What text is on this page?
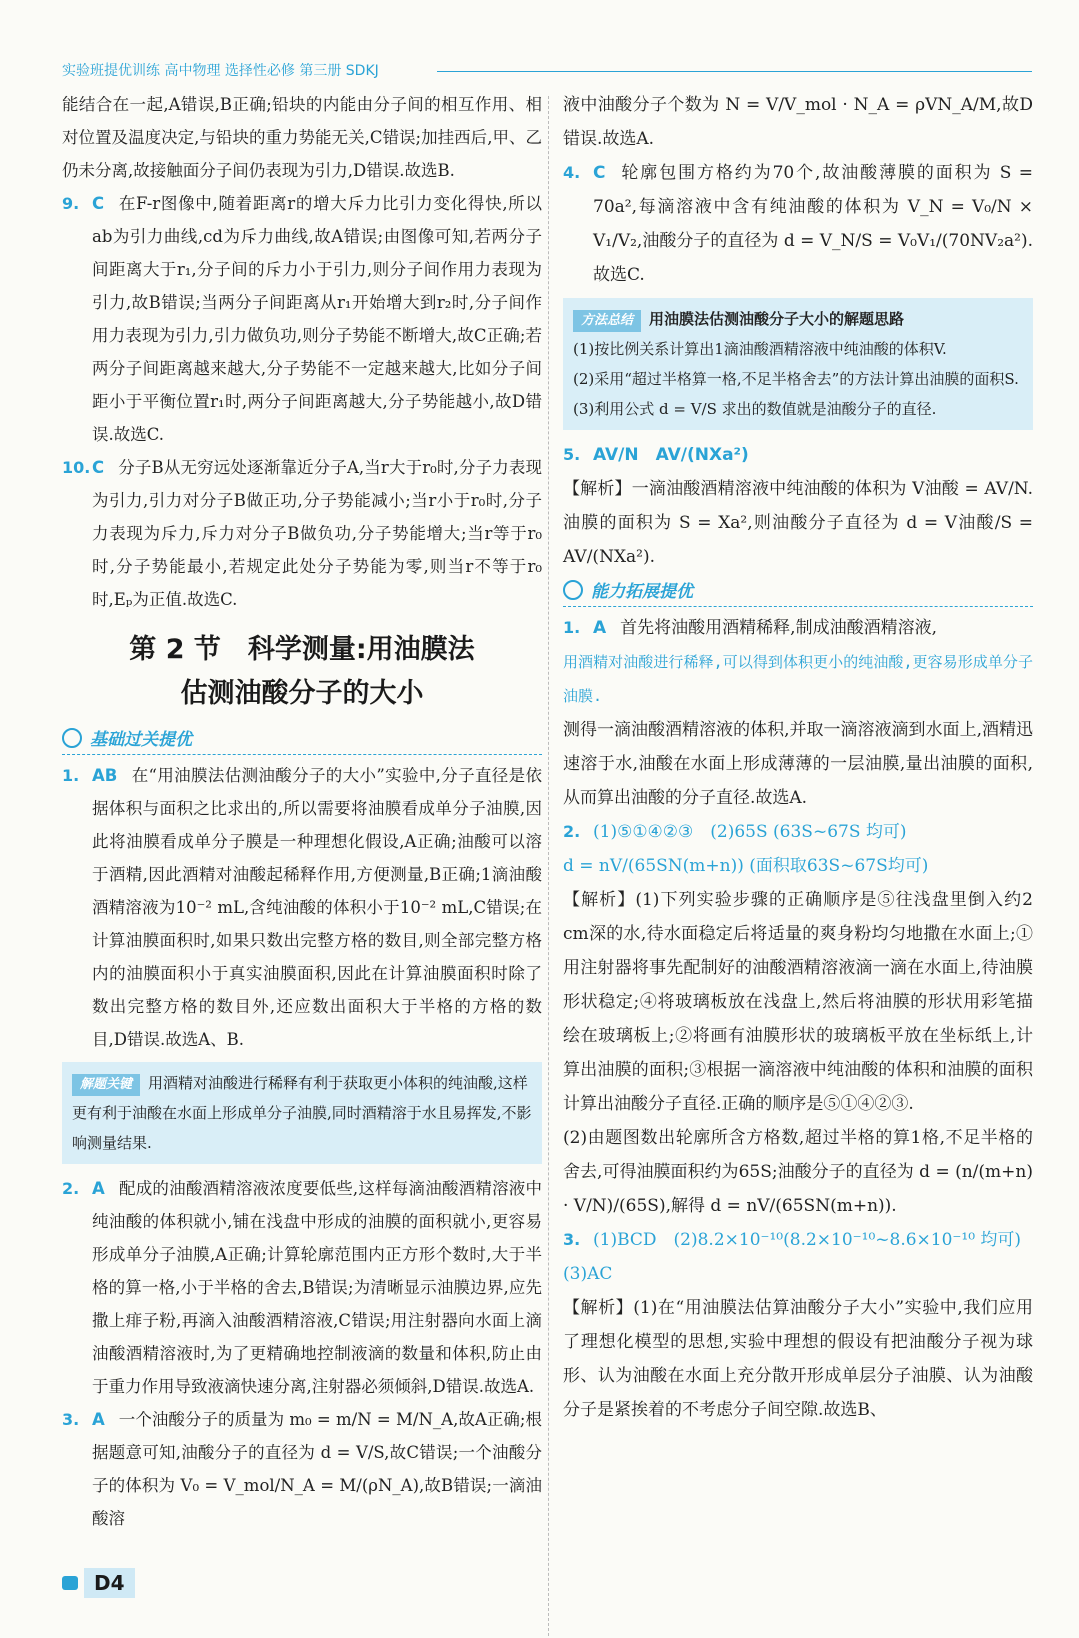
实验班提优训练 高中物理 选择性必修 第三册 SDKJ

能结合在一起,A错误,B正确;铅块的内能由分子间的相互作用、相对位置及温度决定,与铅块的重力势能无关,C错误;加挂西后,甲、乙仍未分离,故接触面分子间仍表现为引力,D错误.故选B.

9. C 在F-r图像中,随着距离r的增大斥力比引力变化得快,所以ab为引力曲线,cd为斥力曲线,故A错误;由图像可知,若两分子间距离大于r₁,分子间的斥力小于引力,则分子间作用力表现为引力,故B错误;当两分子间距离从r₁开始增大到r₂时,分子间作用力表现为引力,引力做负功,则分子势能不断增大,故C正确;若两分子间距离越来越大,分子势能不一定越来越大,比如分子间距小于平衡位置r₁时,两分子间距离越大,分子势能越小,故D错误.故选C.

10. C 分子B从无穷远处逐渐靠近分子A,当r大于r₀时,分子力表现为引力,引力对分子B做正功,分子势能减小;当r小于r₀时,分子力表现为斥力,斥力对分子B做负功,分子势能增大;当r等于r₀时,分子势能最小,若规定此处分子势能为零,则当r不等于r₀时,Eₚ为正值.故选C.

第 2 节　科学测量:用油膜法
估测油酸分子的大小
基础过关提优

1. AB 在“用油膜法估测油酸分子的大小”实验中,分子直径是依据体积与面积之比求出的,所以需要将油膜看成单分子油膜,因此将油膜看成单分子膜是一种理想化假设,A正确;油酸可以溶于酒精,因此酒精对油酸起稀释作用,方便测量,B正确;1滴油酸酒精溶液为10⁻² mL,含纯油酸的体积小于10⁻² mL,C错误;在计算油膜面积时,如果只数出完整方格的数目,则全部完整方格内的油膜面积小于真实油膜面积,因此在计算油膜面积时除了数出完整方格的数目外,还应数出面积大于半格的方格的数目,D错误.故选A、B.

解题关键 用酒精对油酸进行稀释有利于获取更小体积的纯油酸,这样更有利于油酸在水面上形成单分子油膜,同时酒精溶于水且易挥发,不影响测量结果.

2. A 配成的油酸酒精溶液浓度要低些,这样每滴油酸酒精溶液中纯油酸的体积就小,铺在浅盘中形成的油膜的面积就小,更容易形成单分子油膜,A正确;计算轮廓范围内正方形个数时,大于半格的算一格,小于半格的舍去,B错误;为清晰显示油膜边界,应先撒上痱子粉,再滴入油酸酒精溶液,C错误;用注射器向水面上滴油酸酒精溶液时,为了更精确地控制液滴的数量和体积,防止由于重力作用导致液滴快速分离,注射器必须倾斜,D错误.故选A.

3. A 一个油酸分子的质量为 m₀ = m/N = M/N_A,故A正确;根据题意可知,油酸分子的直径为 d = V/S,故C错误;一个油酸分子的体积为 V₀ = V_mol/N_A = M/(ρN_A),故B错误;一滴油酸溶

液中油酸分子个数为 N = V/V_mol · N_A = ρVN_A/M,故D错误.故选A.

4. C 轮廓包围方格约为70个,故油酸薄膜的面积为 S = 70a²,每滴溶液中含有纯油酸的体积为 V_N = V₀/N × V₁/V₂,油酸分子的直径为 d = V_N/S = V₀V₁/(70NV₂a²).故选C.

方法总结 用油膜法估测油酸分子大小的解题思路
(1)按比例关系计算出1滴油酸酒精溶液中纯油酸的体积V.
(2)采用“超过半格算一格,不足半格舍去”的方法计算出油膜的面积S.
(3)利用公式 d = V/S 求出的数值就是油酸分子的直径.

5. AV/N　AV/(NXa²)

【解析】一滴油酸酒精溶液中纯油酸的体积为 V油酸 = AV/N.油膜的面积为 S = Xa²,则油酸分子直径为 d = V油酸/S = AV/(NXa²).

能力拓展提优

1. A 首先将油酸用酒精稀释,制成油酸酒精溶液,

用酒精对油酸进行稀释,可以得到体积更小的纯油酸,更容易形成单分子油膜.

测得一滴油酸酒精溶液的体积,并取一滴溶液滴到水面上,酒精迅速溶于水,油酸在水面上形成薄薄的一层油膜,量出油膜的面积,从而算出油酸的分子直径.故选A.

2. (1)⑤①④②③　(2)65S (63S~67S 均可)

d = nV/(65SN(m+n)) (面积取63S~67S均可)

【解析】(1)下列实验步骤的正确顺序是⑤往浅盘里倒入约2 cm深的水,待水面稳定后将适量的爽身粉均匀地撒在水面上;①用注射器将事先配制好的油酸酒精溶液滴一滴在水面上,待油膜形状稳定;④将玻璃板放在浅盘上,然后将油膜的形状用彩笔描绘在玻璃板上;②将画有油膜形状的玻璃板平放在坐标纸上,计算出油膜的面积;③根据一滴溶液中纯油酸的体积和油膜的面积计算出油酸分子直径.正确的顺序是⑤①④②③.

(2)由题图数出轮廓所含方格数,超过半格的算1格,不足半格的舍去,可得油膜面积约为65S;油酸分子的直径为 d = (n/(m+n) · V/N)/(65S),解得 d = nV/(65SN(m+n)).

3. (1)BCD　(2)8.2×10⁻¹⁰(8.2×10⁻¹⁰~8.6×10⁻¹⁰ 均可)

(3)AC

【解析】(1)在“用油膜法估算油酸分子大小”实验中,我们应用了理想化模型的思想,实验中理想的假设有把油酸分子视为球形、认为油酸在水面上充分散开形成单层分子油膜、认为油酸分子是紧挨着的不考虑分子间空隙.故选B、

D4
